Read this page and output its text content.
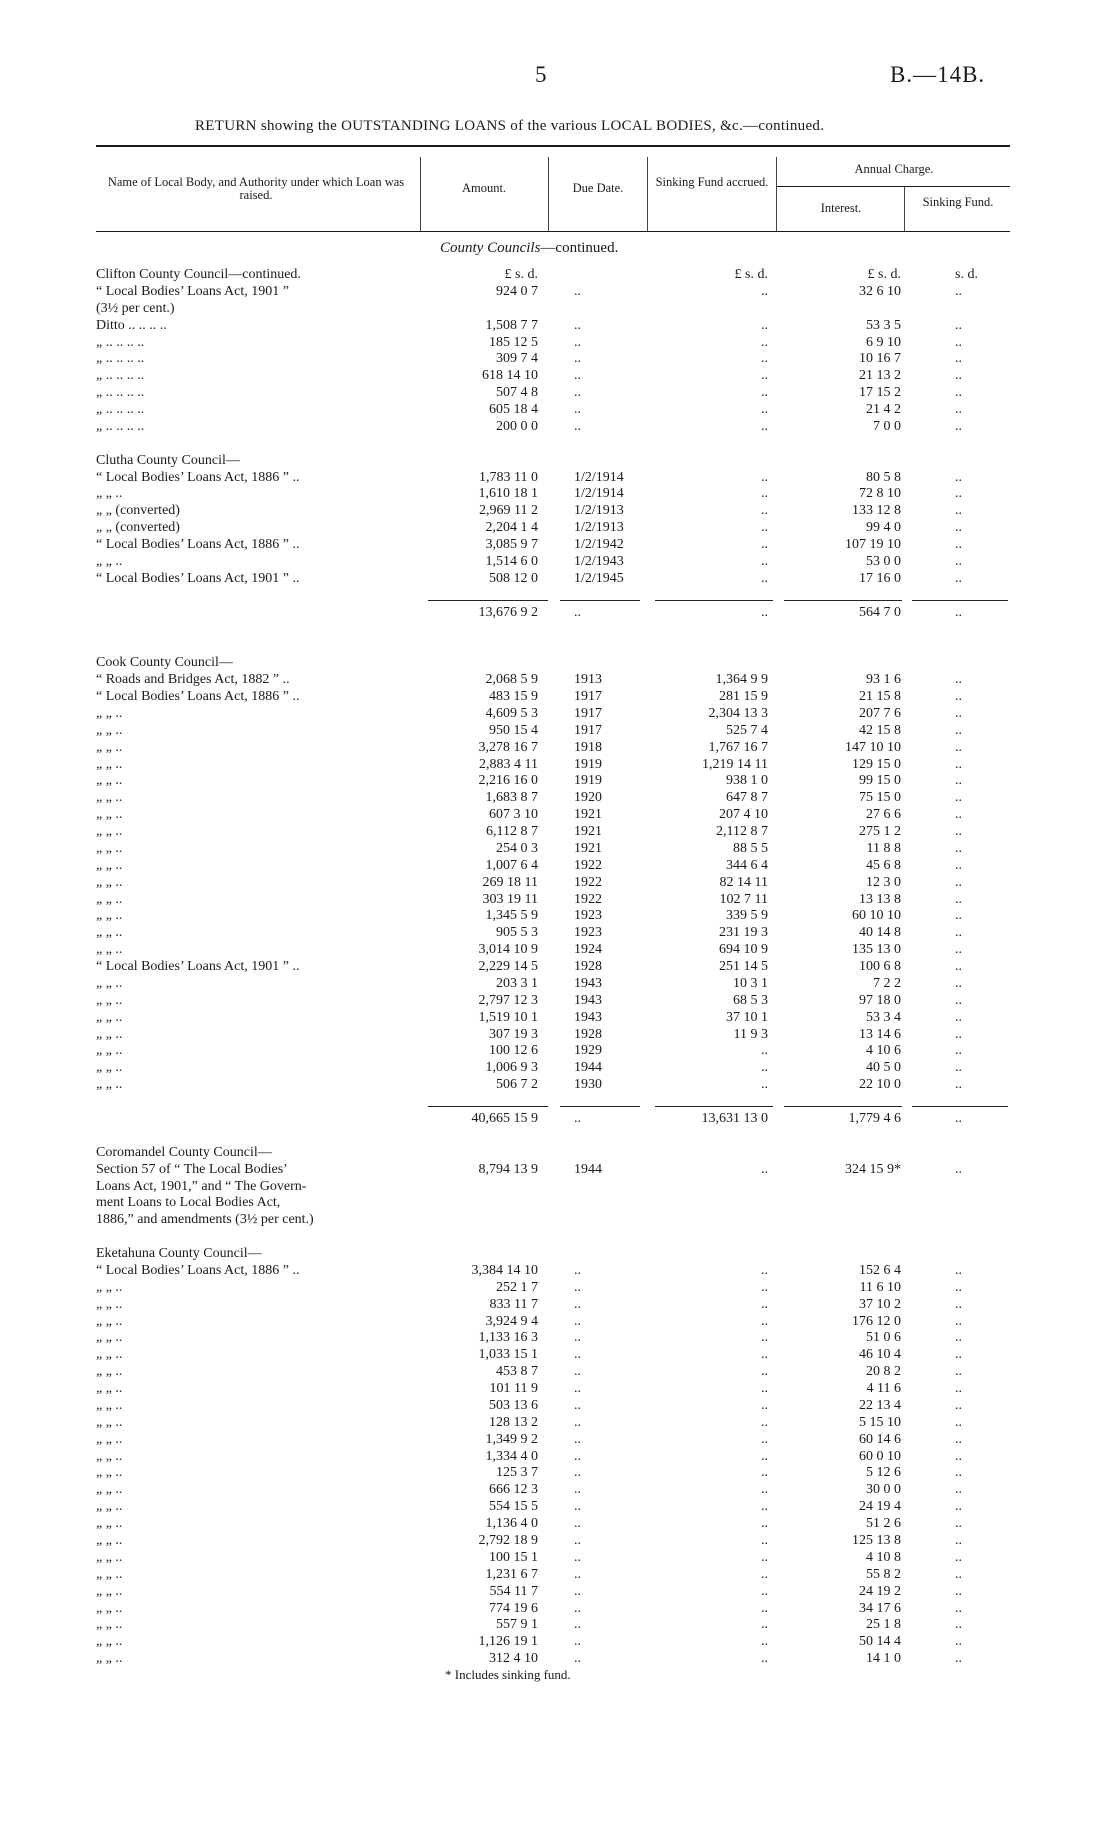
5	B.—14B.
RETURN showing the OUTSTANDING LOANS of the various LOCAL BODIES, &c.—continued.
Name of Local Body, and Authority under which Loan was raised.	Amount.	Due Date.	Sinking Fund accrued.
Annual Charge.
Interest.	Sinking Fund.
County Councils—continued.
Clifton County Council—continued.	£ s. d.	£ s. d.	£ s. d.	s. d.
“ Local Bodies’ Loans Act, 1901 ”	924 0 7	..	..	32 6 10	..
(3½ per cent.)
Ditto .. .. .. ..	1,508 7 7	..	..	53 3 5	..
„ .. .. .. ..	185 12 5	..	..	6 9 10	..
„ .. .. .. ..	309 7 4	..	..	10 16 7	..
„ .. .. .. ..	618 14 10	..	..	21 13 2	..
„ .. .. .. ..	507 4 8	..	..	17 15 2	..
„ .. .. .. ..	605 18 4	..	..	21 4 2	..
„ .. .. .. ..	200 0 0	..	..	7 0 0	..
Clutha County Council—
“ Local Bodies’ Loans Act, 1886 ” ..	1,783 11 0	1/2/1914	..	80 5 8	..
„ „ ..	1,610 18 1	1/2/1914	..	72 8 10	..
„ „ (converted)	2,969 11 2	1/2/1913	..	133 12 8	..
„ „ (converted)	2,204 1 4	1/2/1913	..	99 4 0	..
“ Local Bodies’ Loans Act, 1886 ” ..	3,085 9 7	1/2/1942	..	107 19 10	..
„ „ ..	1,514 6 0	1/2/1943	..	53 0 0	..
“ Local Bodies’ Loans Act, 1901 ” ..	508 12 0	1/2/1945	..	17 16 0	..
13,676 9 2	..	..	564 7 0	..
Cook County Council—
“ Roads and Bridges Act, 1882 ” ..	2,068 5 9	1913	1,364 9 9	93 1 6	..
“ Local Bodies’ Loans Act, 1886 ” ..	483 15 9	1917	281 15 9	21 15 8	..
„ „ ..	4,609 5 3	1917	2,304 13 3	207 7 6	..
„ „ ..	950 15 4	1917	525 7 4	42 15 8	..
„ „ ..	3,278 16 7	1918	1,767 16 7	147 10 10	..
„ „ ..	2,883 4 11	1919	1,219 14 11	129 15 0	..
„ „ ..	2,216 16 0	1919	938 1 0	99 15 0	..
„ „ ..	1,683 8 7	1920	647 8 7	75 15 0	..
„ „ ..	607 3 10	1921	207 4 10	27 6 6	..
„ „ ..	6,112 8 7	1921	2,112 8 7	275 1 2	..
„ „ ..	254 0 3	1921	88 5 5	11 8 8	..
„ „ ..	1,007 6 4	1922	344 6 4	45 6 8	..
„ „ ..	269 18 11	1922	82 14 11	12 3 0	..
„ „ ..	303 19 11	1922	102 7 11	13 13 8	..
„ „ ..	1,345 5 9	1923	339 5 9	60 10 10	..
„ „ ..	905 5 3	1923	231 19 3	40 14 8	..
„ „ ..	3,014 10 9	1924	694 10 9	135 13 0	..
“ Local Bodies’ Loans Act, 1901 ” ..	2,229 14 5	1928	251 14 5	100 6 8	..
„ „ ..	203 3 1	1943	10 3 1	7 2 2	..
„ „ ..	2,797 12 3	1943	68 5 3	97 18 0	..
„ „ ..	1,519 10 1	1943	37 10 1	53 3 4	..
„ „ ..	307 19 3	1928	11 9 3	13 14 6	..
„ „ ..	100 12 6	1929	..	4 10 6	..
„ „ ..	1,006 9 3	1944	..	40 5 0	..
„ „ ..	506 7 2	1930	..	22 10 0	..
40,665 15 9	..	13,631 13 0	1,779 4 6	..
Coromandel County Council—
Section 57 of “ The Local Bodies’	8,794 13 9	1944	..	324 15 9*	..
Loans Act, 1901,” and “ The Govern-
ment Loans to Local Bodies Act,
1886,” and amendments (3½ per cent.)
Eketahuna County Council—
“ Local Bodies’ Loans Act, 1886 ” ..	3,384 14 10	..	..	152 6 4	..
„ „ ..	252 1 7	..	..	11 6 10	..
„ „ ..	833 11 7	..	..	37 10 2	..
„ „ ..	3,924 9 4	..	..	176 12 0	..
„ „ ..	1,133 16 3	..	..	51 0 6	..
„ „ ..	1,033 15 1	..	..	46 10 4	..
„ „ ..	453 8 7	..	..	20 8 2	..
„ „ ..	101 11 9	..	..	4 11 6	..
„ „ ..	503 13 6	..	..	22 13 4	..
„ „ ..	128 13 2	..	..	5 15 10	..
„ „ ..	1,349 9 2	..	..	60 14 6	..
„ „ ..	1,334 4 0	..	..	60 0 10	..
„ „ ..	125 3 7	..	..	5 12 6	..
„ „ ..	666 12 3	..	..	30 0 0	..
„ „ ..	554 15 5	..	..	24 19 4	..
„ „ ..	1,136 4 0	..	..	51 2 6	..
„ „ ..	2,792 18 9	..	..	125 13 8	..
„ „ ..	100 15 1	..	..	4 10 8	..
„ „ ..	1,231 6 7	..	..	55 8 2	..
„ „ ..	554 11 7	..	..	24 19 2	..
„ „ ..	774 19 6	..	..	34 17 6	..
„ „ ..	557 9 1	..	..	25 1 8	..
„ „ ..	1,126 19 1	..	..	50 14 4	..
„ „ ..	312 4 10	..	..	14 1 0	..
* Includes sinking fund.
